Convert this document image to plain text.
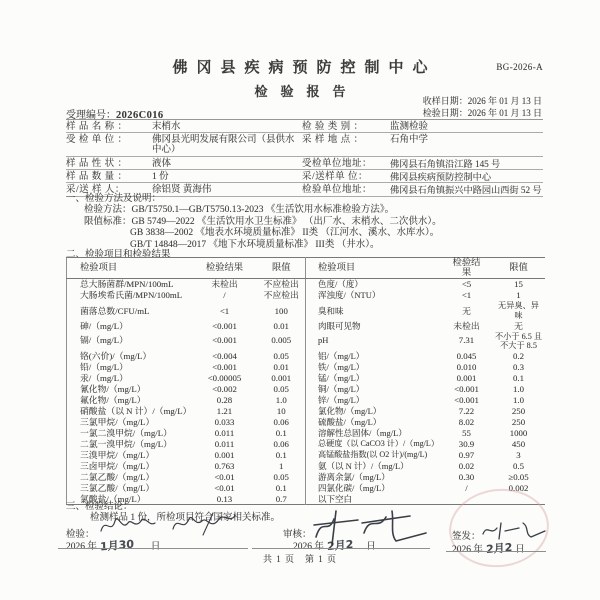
佛冈县疾病预防控制中心	BG-2026-A
检验报告
收样日期：2026 年 01 月 13 日
检验日期：2026 年 01 月 13 日
受理编号：2026C016
样 品 名 称 ：	末梢水	检 验 类 别 ：	监测检验
受 检 单 位 ：	佛冈县光明发展有限公司（县供水中心）
采 样 地 点 ：	石角中学
样 品 性 状 ：	液体	受检单位地址：	佛冈县石角镇沿江路 145 号
样 品 数 量 ：	1 份	采/送样单 位：	佛冈县疾病预防控制中心
采/送 样 人：	徐铝贤 黄海伟	检验单位地址：	佛冈县石角镇振兴中路园山西街 52 号
一、检验方法及说明：
检验方法：GB/T5750.1—GB/T5750.13-2023 《生活饮用水标准检验方法》。
限值标准：GB 5749—2022 《生活饮用水卫生标准》 （出厂水、末梢水、二次供水）。
GB 3838—2002 《地表水环境质量标准》 II类 （江河水、溪水、水库水）。
GB/T 14848—2017 《地下水环境质量标准》 III类 （井水）。
二、检验项目和检验结果
检验项目	检验结果	限值	检验项目	检验结果	限值
总大肠菌群/MPN/100mL	未检出	不应检出	色度/（度）	<5	15
大肠埃希氏菌/MPN/100mL	/	不应检出	浑浊度/（NTU）	<1	1
菌落总数/CFU/mL	<1	100	臭和味	无	无异臭、异味
砷/（mg/L）	<0.001	0.01	肉眼可见物	未检出	无
镉/（mg/L）	<0.001	0.005	pH	7.31	不小于 6.5 且 不大于 8.5
铬(六价)/（mg/L）	<0.004	0.05	铝/（mg/L）	0.045	0.2
铅/（mg/L）	<0.001	0.01	铁/（mg/L）	0.010	0.3
汞/（mg/L）	<0.00005	0.001	锰/（mg/L）	0.001	0.1
氰化物/（mg/L）	<0.002	0.05	铜/（mg/L）	<0.001	1.0
氟化物/（mg/L）	0.28	1.0	锌/（mg/L）	<0.001	1.0
硝酸盐（以 N 计）/（mg/L）	1.21	10	氯化物/（mg/L）	7.22	250
三氯甲烷/（mg/L）	0.033	0.06	硫酸盐/（mg/L）	8.02	250
一氯二溴甲烷/（mg/L）	0.011	0.1	溶解性总固体/（mg/L）	55	1000
二氯一溴甲烷/（mg/L）	0.011	0.06	总硬度（以 CaCO3 计）/（mg/L）	30.9	450
三溴甲烷/（mg/L）	0.001	0.1	高锰酸盐指数(以 O2 计)/(mg/L)	0.97	3
三卤甲烷/（mg/L）	0.763	1	氨（以 N 计）/（mg/L）	0.02	0.5
二氯乙酸/（mg/L）	<0.01	0.05	游离余氯/（mg/L）	0.30	≥0.05
三氯乙酸/（mg/L）	<0.01	0.1	四氯化碳/（mg/L）	/	0.002
氯酸盐/（mg/L）	0.13	0.7	以下空白		
三、检验结论：
检测样品 1 份，所检项目符合国家相关标准。
检验：
2026 年 1月30 日
审核：
2026 年 2月2 日
签发：
2026 年 2月2 日
共 1 页　第 1 页
